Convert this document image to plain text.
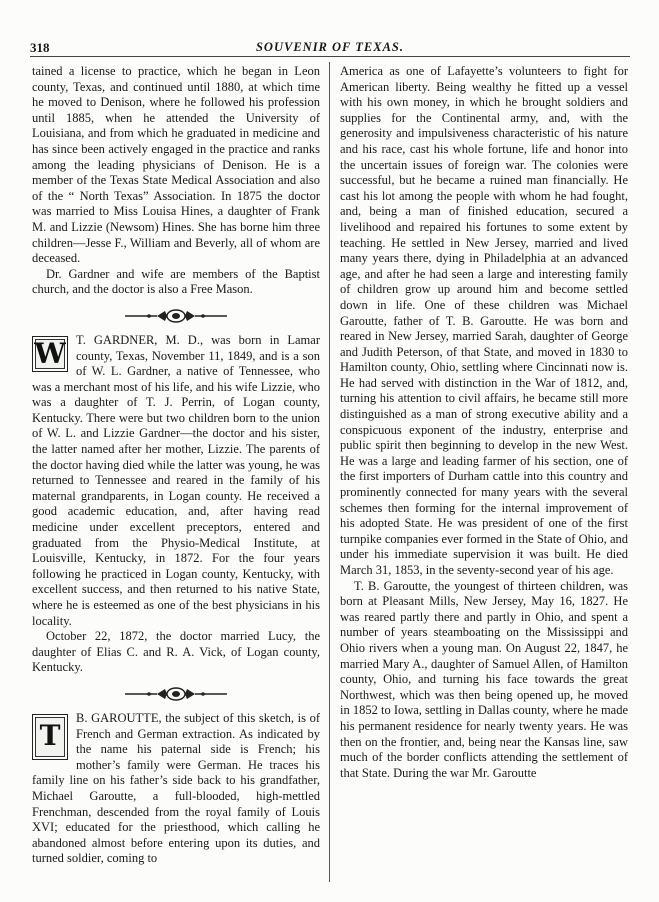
318	SOUVENIR OF TEXAS.

tained a license to practice, which he began in Leon county, Texas, and continued until 1880, at which time he moved to Denison, where he followed his profession until 1885, when he attended the University of Louisiana, and from which he graduated in medicine and has since been actively engaged in the practice and ranks among the leading physicians of Denison. He is a member of the Texas State Medical Association and also of the “ North Texas” Association. In 1875 the doctor was married to Miss Louisa Hines, a daughter of Frank M. and Lizzie (Newsom) Hines. She has borne him three children—Jesse F., William and Beverly, all of whom are deceased.

Dr. Gardner and wife are members of the Baptist church, and the doctor is also a Free Mason.

W T. GARDNER, M. D., was born in Lamar county, Texas, November 11, 1849, and is a son of W. L. Gardner, a native of Tennessee, who was a merchant most of his life, and his wife Lizzie, who was a daughter of T. J. Perrin, of Logan county, Kentucky. There were but two children born to the union of W. L. and Lizzie Gardner—the doctor and his sister, the latter named after her mother, Lizzie. The parents of the doctor having died while the latter was young, he was returned to Tennessee and reared in the family of his maternal grandparents, in Logan county. He received a good academic education, and, after having read medicine under excellent preceptors, entered and graduated from the Physio-Medical Institute, at Louisville, Kentucky, in 1872. For the four years following he practiced in Logan county, Kentucky, with excellent success, and then returned to his native State, where he is esteemed as one of the best physicians in his locality.

October 22, 1872, the doctor married Lucy, the daughter of Elias C. and R. A. Vick, of Logan county, Kentucky.

T

B. GAROUTTE, the subject of this sketch, is of French and German extraction. As indicated by the name his paternal side is French; his mother’s family were German. He traces his family line on his father’s side back to his grandfather, Michael Garoutte, a full-blooded, high-mettled Frenchman, descended from the royal family of Louis XVI; educated for the priesthood, which calling he abandoned almost before entering upon its duties, and turned soldier, coming to

America as one of Lafayette’s volunteers to fight for American liberty. Being wealthy he fitted up a vessel with his own money, in which he brought soldiers and supplies for the Continental army, and, with the generosity and impulsiveness characteristic of his nature and his race, cast his whole fortune, life and honor into the uncertain issues of foreign war. The colonies were successful, but he became a ruined man financially. He cast his lot among the people with whom he had fought, and, being a man of finished education, secured a livelihood and repaired his fortunes to some extent by teaching. He settled in New Jersey, married and lived many years there, dying in Philadelphia at an advanced age, and after he had seen a large and interesting family of children grow up around him and become settled down in life. One of these children was Michael Garoutte, father of T. B. Garoutte. He was born and reared in New Jersey, married Sarah, daughter of George and Judith Peterson, of that State, and moved in 1830 to Hamilton county, Ohio, settling where Cincinnati now is. He had served with distinction in the War of 1812, and, turning his attention to civil affairs, he became still more distinguished as a man of strong executive ability and a conspicuous exponent of the industry, enterprise and public spirit then beginning to develop in the new West. He was a large and leading farmer of his section, one of the first importers of Durham cattle into this country and prominently connected for many years with the several schemes then forming for the internal improvement of his adopted State. He was president of one of the first turnpike companies ever formed in the State of Ohio, and under his immediate supervision it was built. He died March 31, 1853, in the seventy-second year of his age.

T. B. Garoutte, the youngest of thirteen children, was born at Pleasant Mills, New Jersey, May 16, 1827. He was reared partly there and partly in Ohio, and spent a number of years steamboating on the Mississippi and Ohio rivers when a young man. On August 22, 1847, he married Mary A., daughter of Samuel Allen, of Hamilton county, Ohio, and turning his face towards the great Northwest, which was then being opened up, he moved in 1852 to Iowa, settling in Dallas county, where he made his permanent residence for nearly twenty years. He was then on the frontier, and, being near the Kansas line, saw much of the border conflicts attending the settlement of that State. During the war Mr. Garoutte
